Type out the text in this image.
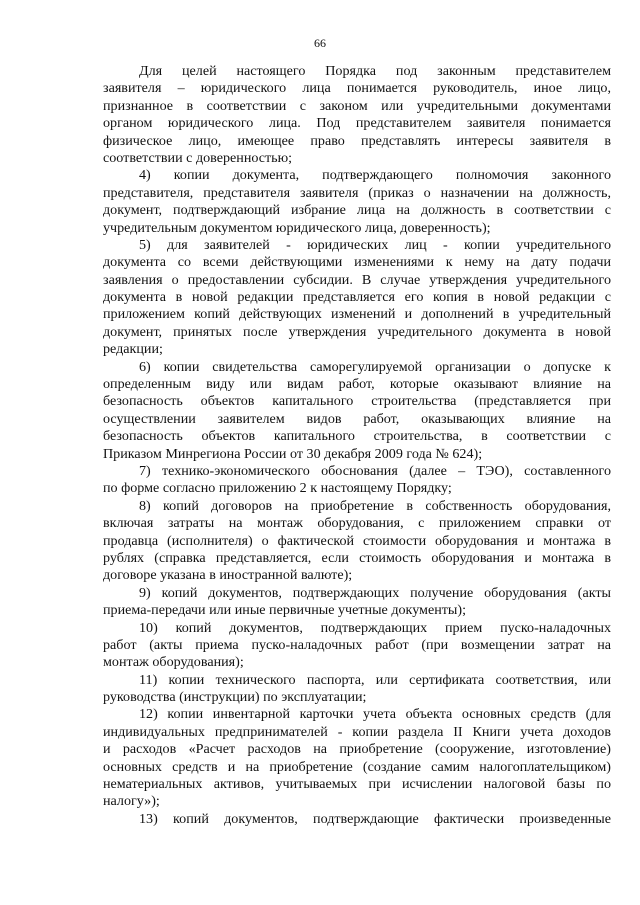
66
Для целей настоящего Порядка под законным представителем
заявителя – юридического лица понимается руководитель, иное лицо,
признанное в соответствии с законом или учредительными документами
органом юридического лица. Под представителем заявителя понимается
физическое лицо, имеющее право представлять интересы заявителя в
соответствии с доверенностью;
4) копии документа, подтверждающего полномочия законного
представителя, представителя заявителя (приказ о назначении на должность,
документ, подтверждающий избрание лица на должность в соответствии с
учредительным документом юридического лица, доверенность);
5) для заявителей - юридических лиц - копии учредительного
документа со всеми действующими изменениями к нему на дату подачи
заявления о предоставлении субсидии. В случае утверждения учредительного
документа в новой редакции представляется его копия в новой редакции с
приложением копий действующих изменений и дополнений в учредительный
документ, принятых после утверждения учредительного документа в новой
редакции;
6) копии свидетельства саморегулируемой организации о допуске к
определенным виду или видам работ, которые оказывают влияние на
безопасность объектов капитального строительства (представляется при
осуществлении заявителем видов работ, оказывающих влияние на
безопасность объектов капитального строительства, в соответствии с
Приказом Минрегиона России от 30 декабря 2009 года № 624);
7) технико-экономического обоснования (далее – ТЭО), составленного
по форме согласно приложению 2 к настоящему Порядку;
8) копий договоров на приобретение в собственность оборудования,
включая затраты на монтаж оборудования, с приложением справки от
продавца (исполнителя) о фактической стоимости оборудования и монтажа в
рублях (справка представляется, если стоимость оборудования и монтажа в
договоре указана в иностранной валюте);
9) копий документов, подтверждающих получение оборудования (акты
приема-передачи или иные первичные учетные документы);
10) копий документов, подтверждающих прием пуско-наладочных
работ (акты приема пуско-наладочных работ (при возмещении затрат на
монтаж оборудования);
11) копии технического паспорта, или сертификата соответствия, или
руководства (инструкции) по эксплуатации;
12) копии инвентарной карточки учета объекта основных средств (для
индивидуальных предпринимателей - копии раздела II Книги учета доходов
и расходов «Расчет расходов на приобретение (сооружение, изготовление)
основных средств и на приобретение (создание самим налогоплательщиком)
нематериальных активов, учитываемых при исчислении налоговой базы по
налогу»);
13) копий документов, подтверждающие фактически произведенные
